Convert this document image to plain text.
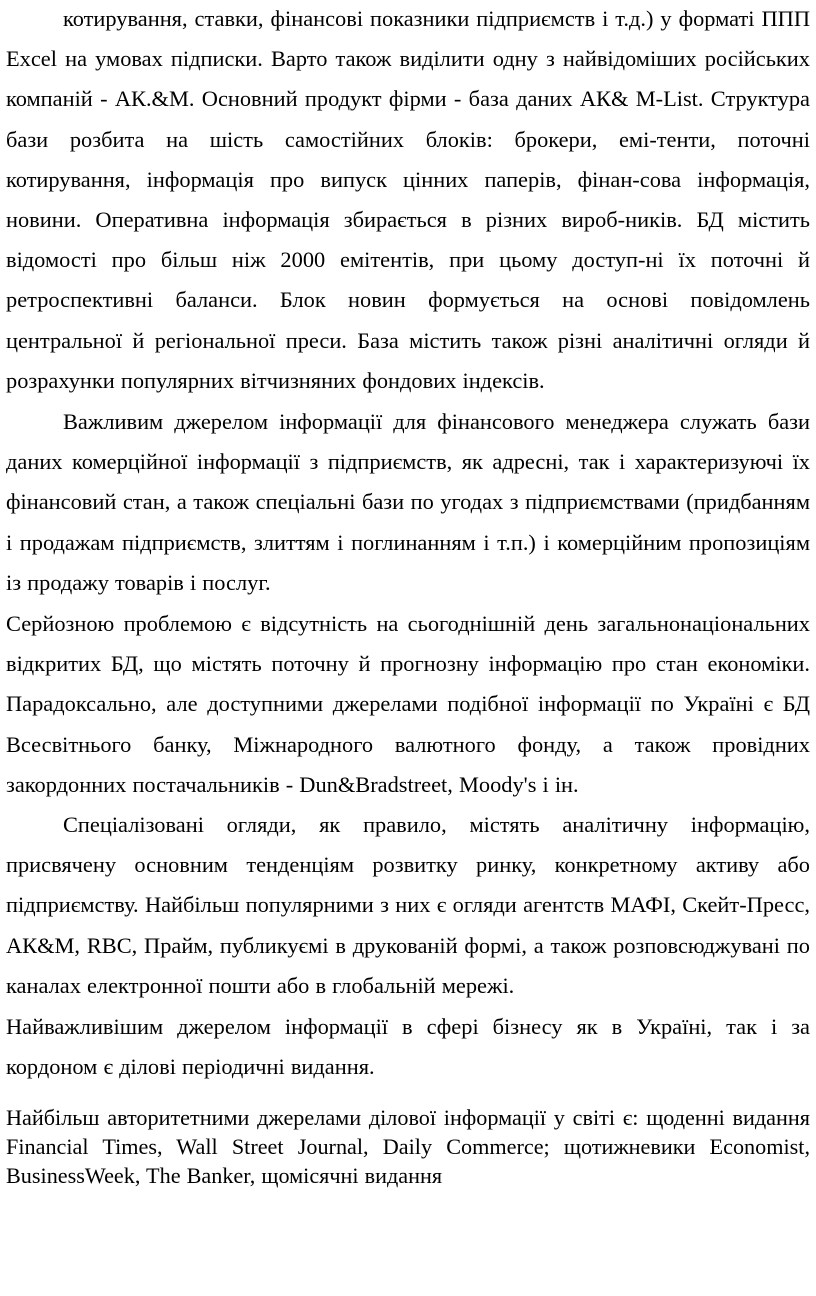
котирування, ставки, фінансові показники підприємств і т.д.) у форматі ППП Excel на умовах підписки. Варто також виділити одну з найвідоміших російських компаній - АК.&М. Основний продукт фірми - база даних АК& M-List. Структура бази розбита на шість самостійних блоків: брокери, емі-тенти, поточні котирування, інформація про випуск цінних паперів, фінан-сова інформація, новини. Оперативна інформація збирається в різних вироб-ників. БД містить відомості про більш ніж 2000 емітентів, при цьому доступ-ні їх поточні й ретроспективні баланси. Блок новин формується на основі повідомлень центральної й регіональної преси. База містить також різні аналітичні огляди й розрахунки популярних вітчизняних фондових індексів.

Важливим джерелом інформації для фінансового менеджера служать бази даних комерційної інформації з підприємств, як адресні, так і характеризуючі їх фінансовий стан, а також спеціальні бази по угодах з підприємствами (придбанням і продажам підприємств, злиттям і поглинанням і т.п.) і комерційним пропозиціям із продажу товарів і послуг.

Серйозною проблемою є відсутність на сьогоднішній день загальнонаціональних відкритих БД, що містять поточну й прогнозну інформацію про стан економіки. Парадоксально, але доступними джерелами подібної інформації по Україні є БД Всесвітнього банку, Міжнародного валютного фонду, а також провідних закордонних постачальників - Dun&Bradstreet, Moody's і ін.

Спеціалізовані огляди, як правило, містять аналітичну інформацію, присвячену основним тенденціям розвитку ринку, конкретному активу або підприємству. Найбільш популярними з них є огляди агентств МАФІ, Скейт-Пресс, АК&M, RBC, Прайм, публикуємі в друкованій формі, а також розповсюджувані по каналах електронної пошти або в глобальній мережі.

Найважливішим джерелом інформації в сфері бізнесу як в Україні, так і за кордоном є ділові періодичні видання.

Найбільш авторитетними джерелами ділової інформації у світі є: щоденні видання Financial Times, Wall Street Journal, Daily Commerce; щотижневики Economist, BusinessWeek, The Banker, щомісячні видання
